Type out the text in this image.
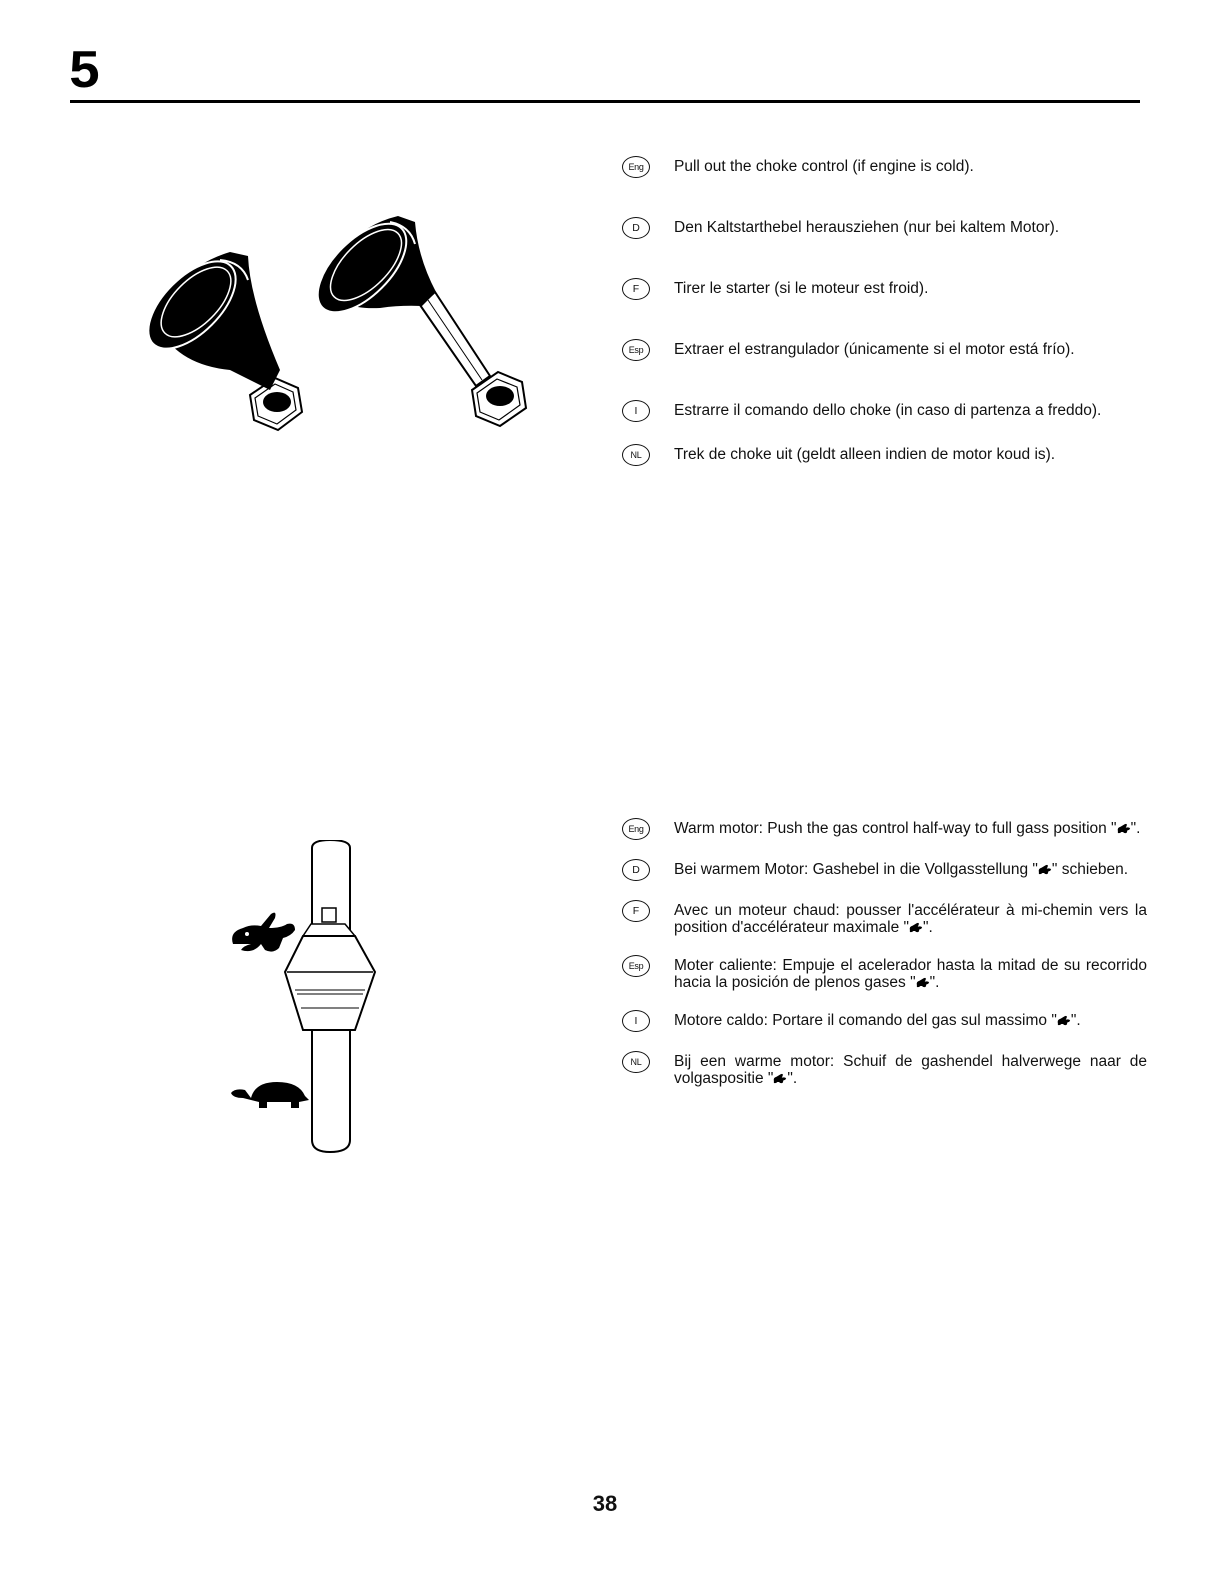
5
Eng	Pull out the choke control (if engine is cold).
D	Den Kaltstarthebel herausziehen (nur bei kaltem Motor).
F	Tirer le starter (si le moteur est froid).
Esp	Extraer el estrangulador (únicamente si el motor está frío).
I	Estrarre il comando dello choke (in caso di partenza a freddo).
NL	Trek de choke uit (geldt alleen indien de motor koud is).
Eng	Warm motor: Push the gas control half-way to full gass position " ".
D	Bei warmem Motor: Gashebel in die Vollgasstellung " " schieben.
F	Avec un moteur chaud: pousser l'accélérateur à mi-chemin vers la position d'accélérateur maximale " ".
Esp	Moter caliente: Empuje el acelerador hasta la mitad de su recorrido hacia la posición de plenos gases " ".
I	Motore caldo: Portare il comando del gas sul massimo " ".
NL	Bij een warme motor: Schuif de gashendel halverwege naar de volgaspositie " ".
38
